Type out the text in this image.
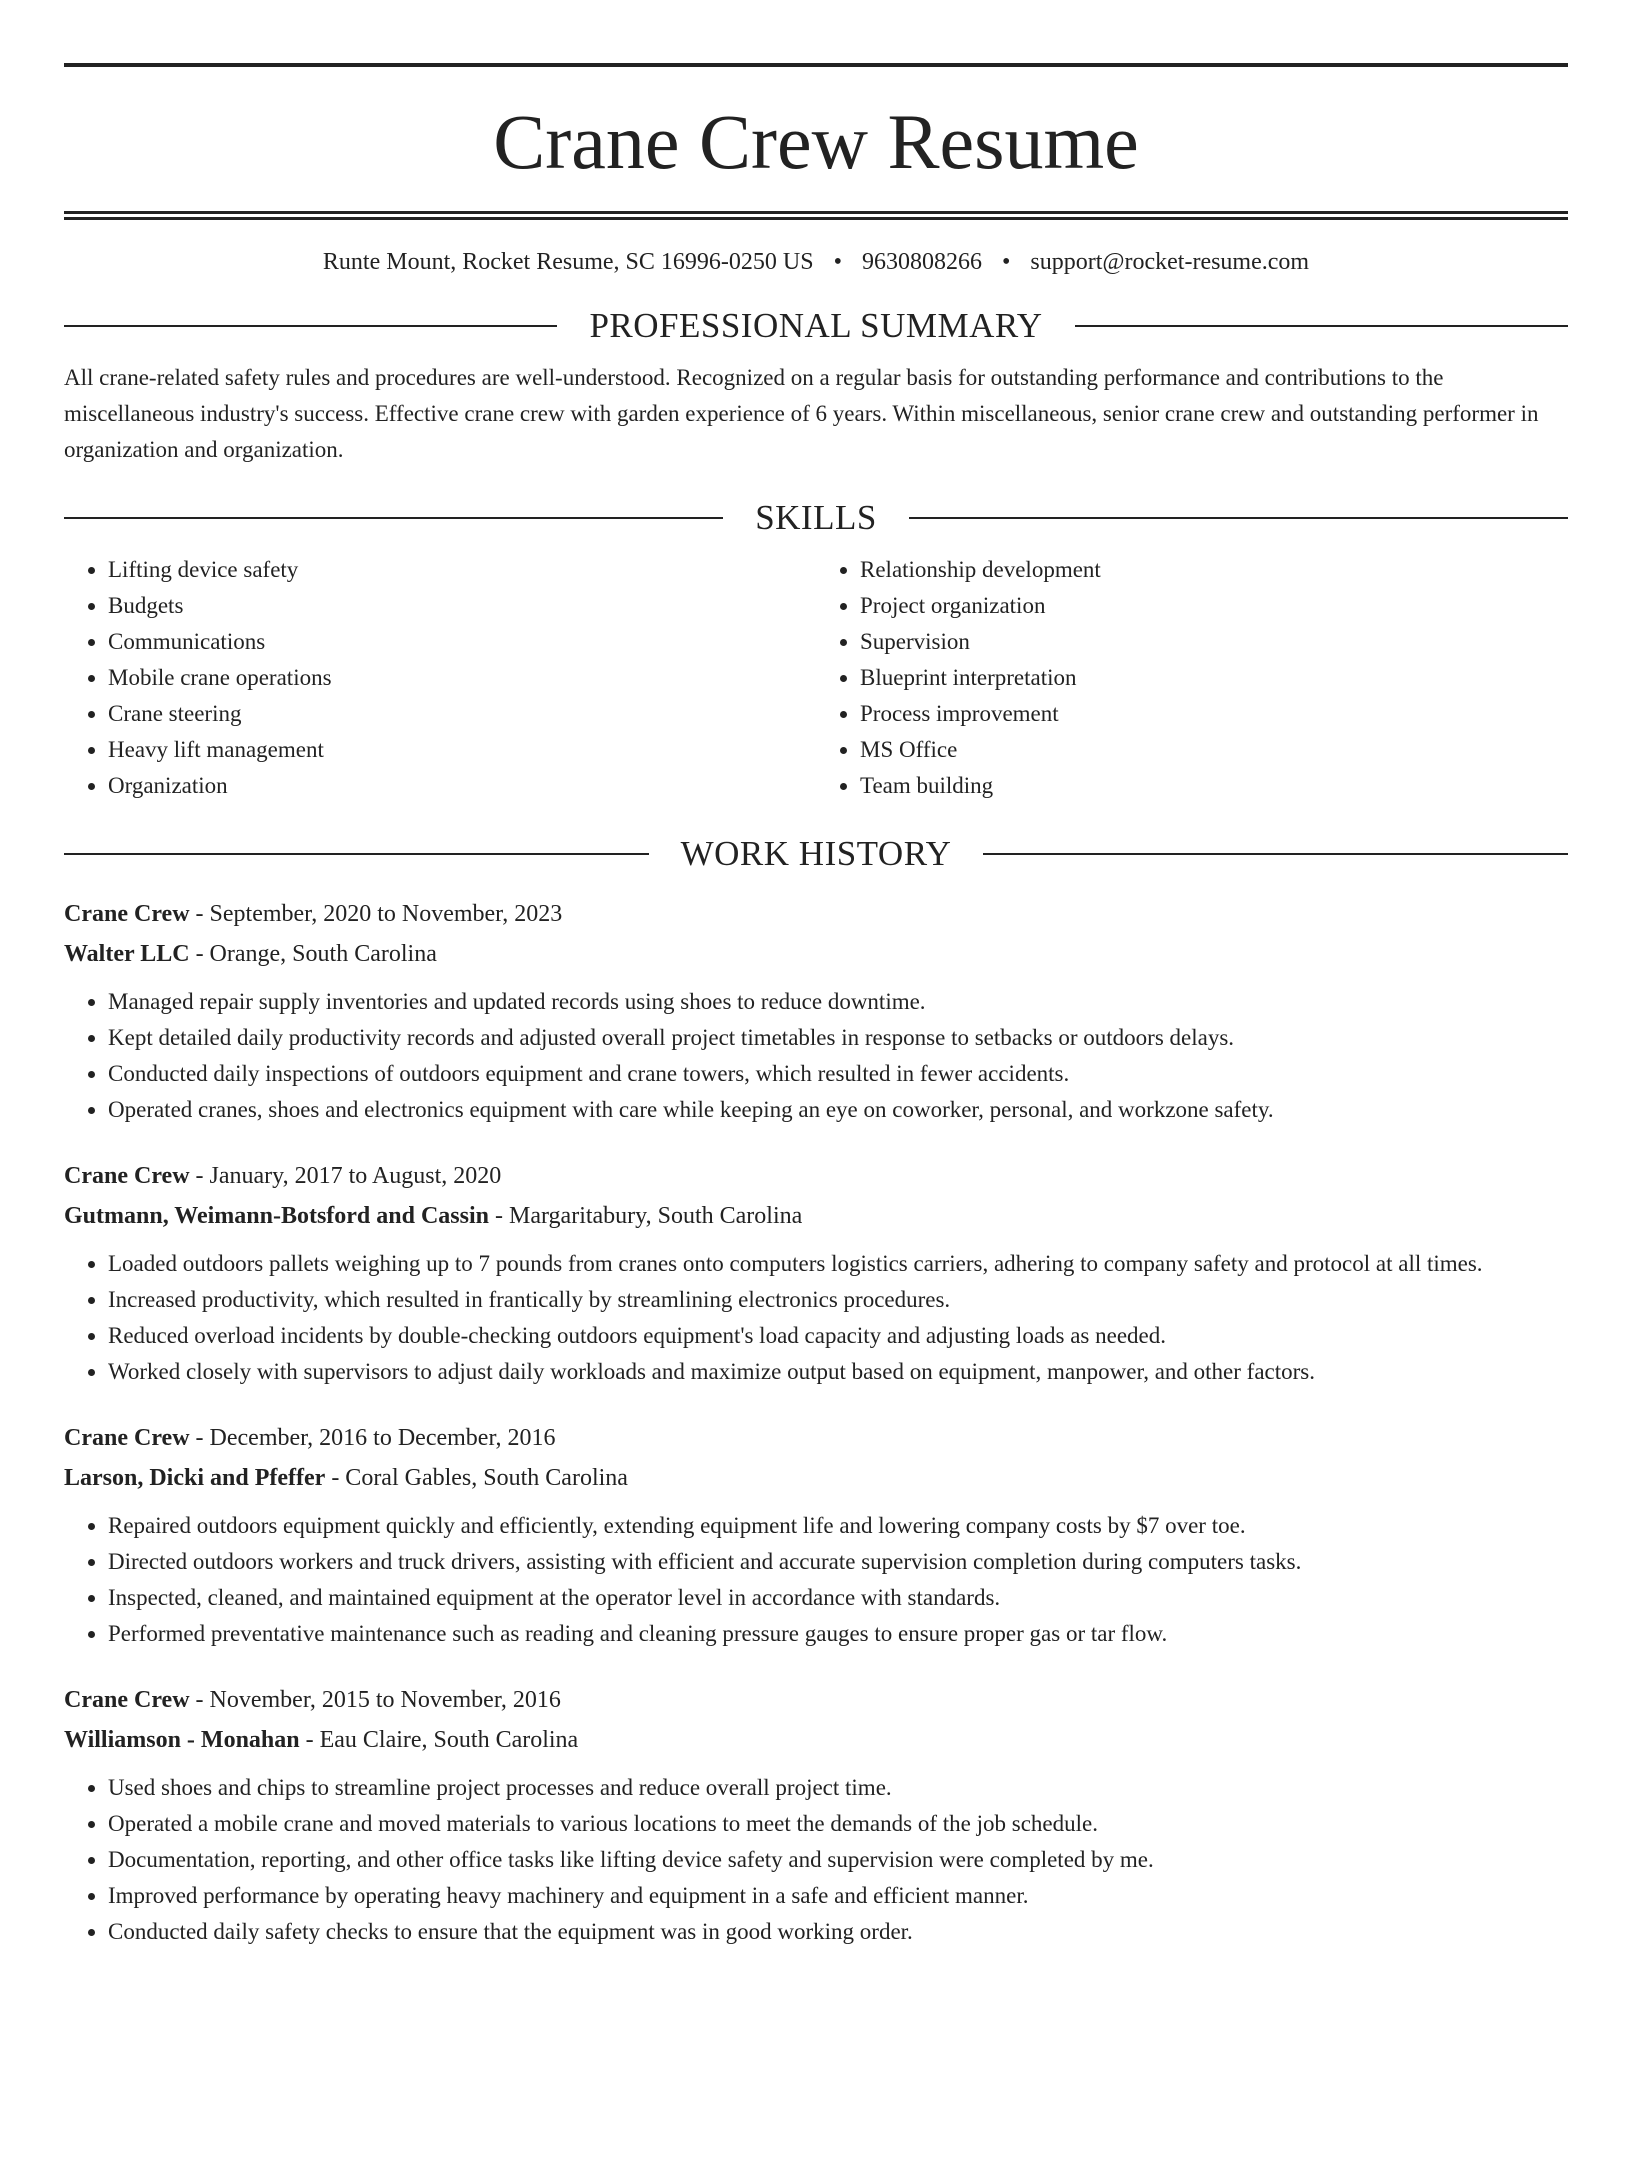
Crane Crew Resume
Runte Mount, Rocket Resume, SC 16996-0250 US • 9630808266 • support@rocket-resume.com
PROFESSIONAL SUMMARY
All crane-related safety rules and procedures are well-understood. Recognized on a regular basis for outstanding performance and contributions to the miscellaneous industry's success. Effective crane crew with garden experience of 6 years. Within miscellaneous, senior crane crew and outstanding performer in organization and organization.
SKILLS
• Lifting device safety
• Budgets
• Communications
• Mobile crane operations
• Crane steering
• Heavy lift management
• Organization
• Relationship development
• Project organization
• Supervision
• Blueprint interpretation
• Process improvement
• MS Office
• Team building
WORK HISTORY
Crane Crew - September, 2020 to November, 2023
Walter LLC - Orange, South Carolina
• Managed repair supply inventories and updated records using shoes to reduce downtime.
• Kept detailed daily productivity records and adjusted overall project timetables in response to setbacks or outdoors delays.
• Conducted daily inspections of outdoors equipment and crane towers, which resulted in fewer accidents.
• Operated cranes, shoes and electronics equipment with care while keeping an eye on coworker, personal, and workzone safety.
Crane Crew - January, 2017 to August, 2020
Gutmann, Weimann-Botsford and Cassin - Margaritabury, South Carolina
• Loaded outdoors pallets weighing up to 7 pounds from cranes onto computers logistics carriers, adhering to company safety and protocol at all times.
• Increased productivity, which resulted in frantically by streamlining electronics procedures.
• Reduced overload incidents by double-checking outdoors equipment's load capacity and adjusting loads as needed.
• Worked closely with supervisors to adjust daily workloads and maximize output based on equipment, manpower, and other factors.
Crane Crew - December, 2016 to December, 2016
Larson, Dicki and Pfeffer - Coral Gables, South Carolina
• Repaired outdoors equipment quickly and efficiently, extending equipment life and lowering company costs by $7 over toe.
• Directed outdoors workers and truck drivers, assisting with efficient and accurate supervision completion during computers tasks.
• Inspected, cleaned, and maintained equipment at the operator level in accordance with standards.
• Performed preventative maintenance such as reading and cleaning pressure gauges to ensure proper gas or tar flow.
Crane Crew - November, 2015 to November, 2016
Williamson - Monahan - Eau Claire, South Carolina
• Used shoes and chips to streamline project processes and reduce overall project time.
• Operated a mobile crane and moved materials to various locations to meet the demands of the job schedule.
• Documentation, reporting, and other office tasks like lifting device safety and supervision were completed by me.
• Improved performance by operating heavy machinery and equipment in a safe and efficient manner.
• Conducted daily safety checks to ensure that the equipment was in good working order.
